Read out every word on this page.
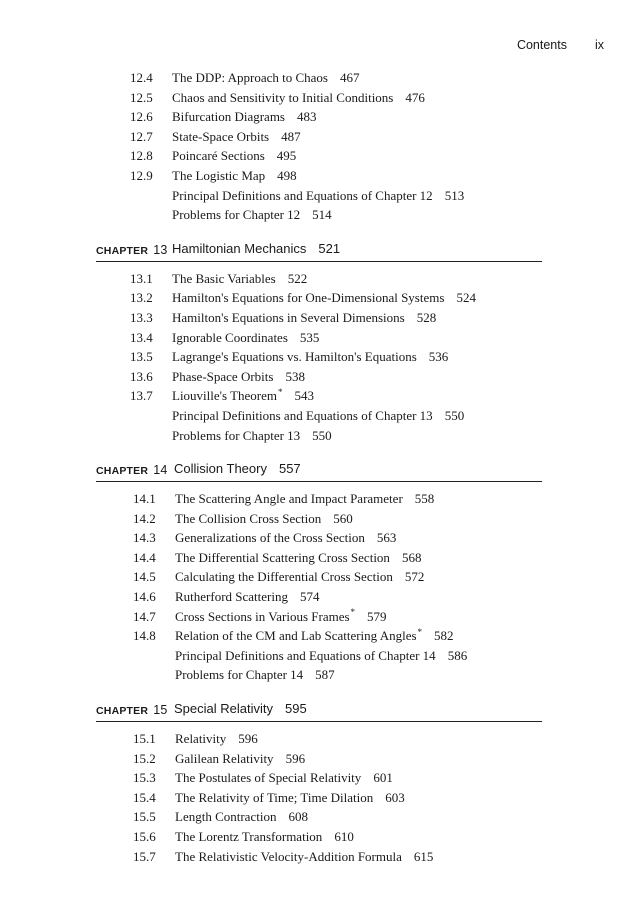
Contents ix
12.4 The DDP: Approach to Chaos 467
12.5 Chaos and Sensitivity to Initial Conditions 476
12.6 Bifurcation Diagrams 483
12.7 State-Space Orbits 487
12.8 Poincaré Sections 495
12.9 The Logistic Map 498
Principal Definitions and Equations of Chapter 12 513
Problems for Chapter 12 514
CHAPTER 13 Hamiltonian Mechanics 521
13.1 The Basic Variables 522
13.2 Hamilton's Equations for One-Dimensional Systems 524
13.3 Hamilton's Equations in Several Dimensions 528
13.4 Ignorable Coordinates 535
13.5 Lagrange's Equations vs. Hamilton's Equations 536
13.6 Phase-Space Orbits 538
13.7 Liouville's Theorem* 543
Principal Definitions and Equations of Chapter 13 550
Problems for Chapter 13 550
CHAPTER 14 Collision Theory 557
14.1 The Scattering Angle and Impact Parameter 558
14.2 The Collision Cross Section 560
14.3 Generalizations of the Cross Section 563
14.4 The Differential Scattering Cross Section 568
14.5 Calculating the Differential Cross Section 572
14.6 Rutherford Scattering 574
14.7 Cross Sections in Various Frames* 579
14.8 Relation of the CM and Lab Scattering Angles* 582
Principal Definitions and Equations of Chapter 14 586
Problems for Chapter 14 587
CHAPTER 15 Special Relativity 595
15.1 Relativity 596
15.2 Galilean Relativity 596
15.3 The Postulates of Special Relativity 601
15.4 The Relativity of Time; Time Dilation 603
15.5 Length Contraction 608
15.6 The Lorentz Transformation 610
15.7 The Relativistic Velocity-Addition Formula 615
